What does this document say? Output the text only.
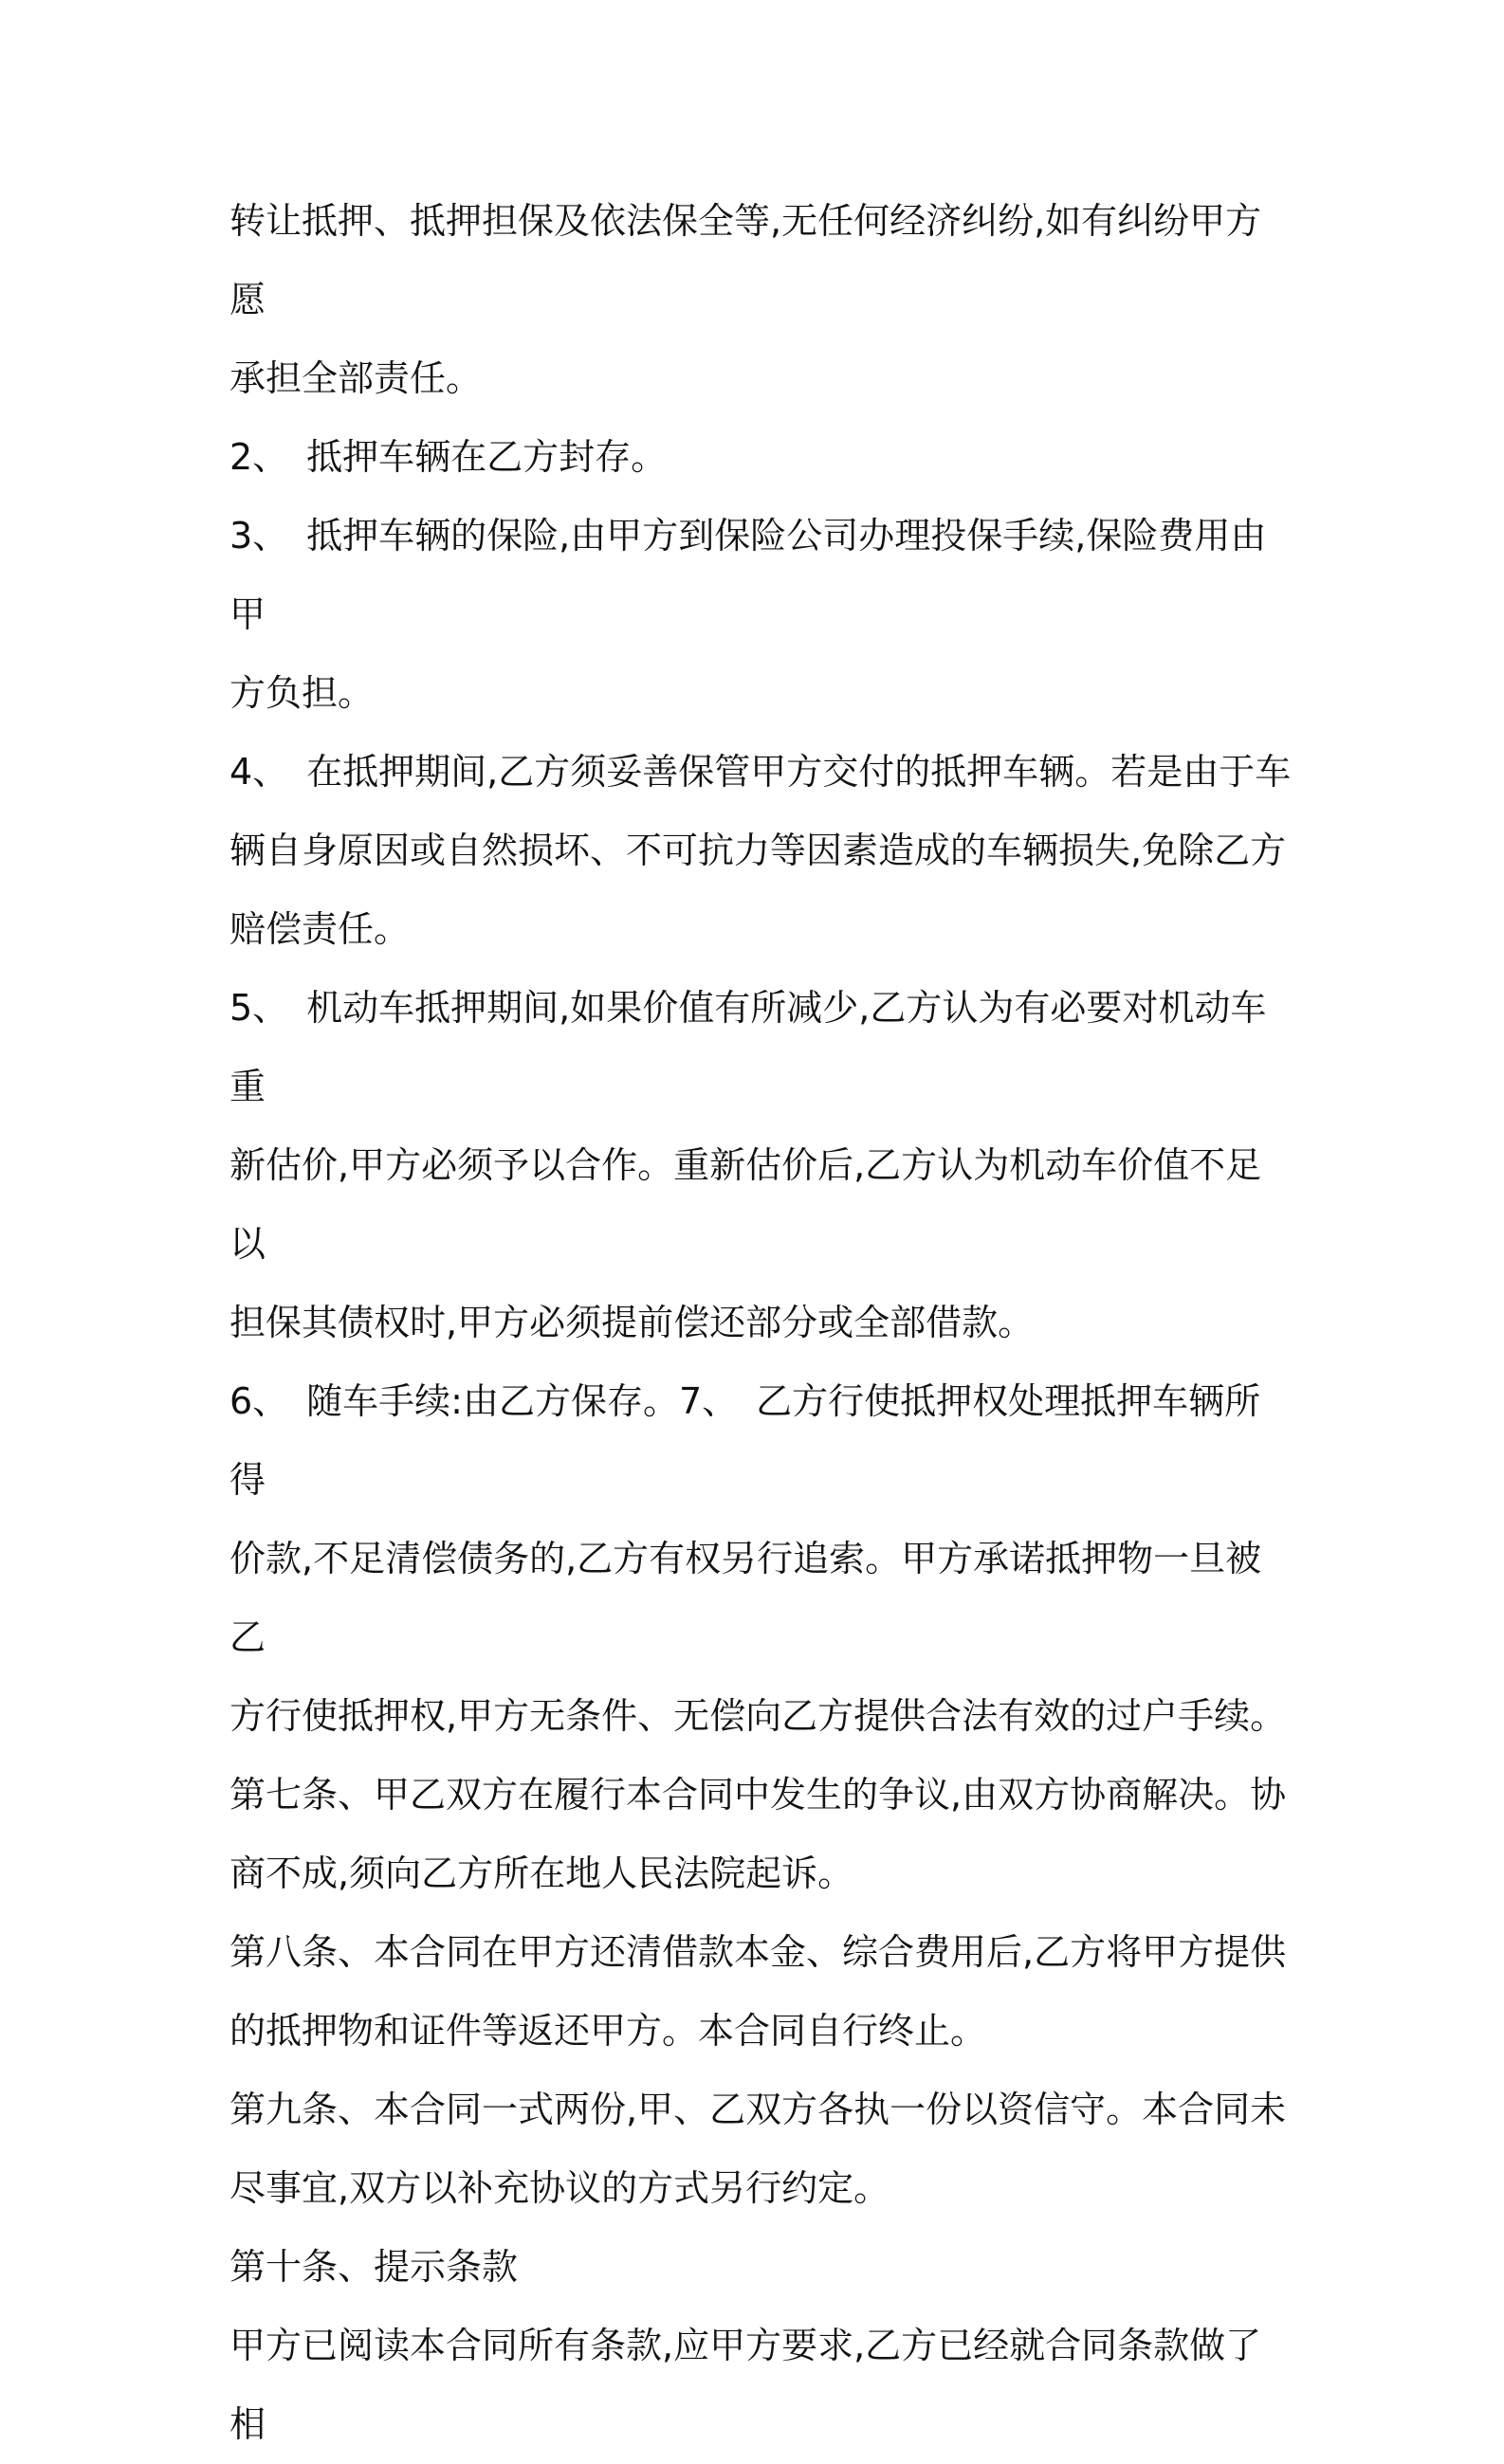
转让抵押、抵押担保及依法保全等,无任何经济纠纷,如有纠纷甲方愿
承担全部责任。

2、　抵押车辆在乙方封存。

3、　抵押车辆的保险,由甲方到保险公司办理投保手续,保险费用由甲
方负担。

4、　在抵押期间,乙方须妥善保管甲方交付的抵押车辆。若是由于车
辆自身原因或自然损坏、不可抗力等因素造成的车辆损失,免除乙方
赔偿责任。

5、　机动车抵押期间,如果价值有所减少,乙方认为有必要对机动车重
新估价,甲方必须予以合作。重新估价后,乙方认为机动车价值不足以
担保其债权时,甲方必须提前偿还部分或全部借款。

6、　随车手续:由乙方保存。7、　乙方行使抵押权处理抵押车辆所得
价款,不足清偿债务的,乙方有权另行追索。甲方承诺抵押物一旦被乙
方行使抵押权,甲方无条件、无偿向乙方提供合法有效的过户手续。

第七条、甲乙双方在履行本合同中发生的争议,由双方协商解决。协
商不成,须向乙方所在地人民法院起诉。

第八条、本合同在甲方还清借款本金、综合费用后,乙方将甲方提供
的抵押物和证件等返还甲方。本合同自行终止。

第九条、本合同一式两份,甲、乙双方各执一份以资信守。本合同未
尽事宜,双方以补充协议的方式另行约定。

第十条、提示条款

甲方已阅读本合同所有条款,应甲方要求,乙方已经就合同条款做了相
